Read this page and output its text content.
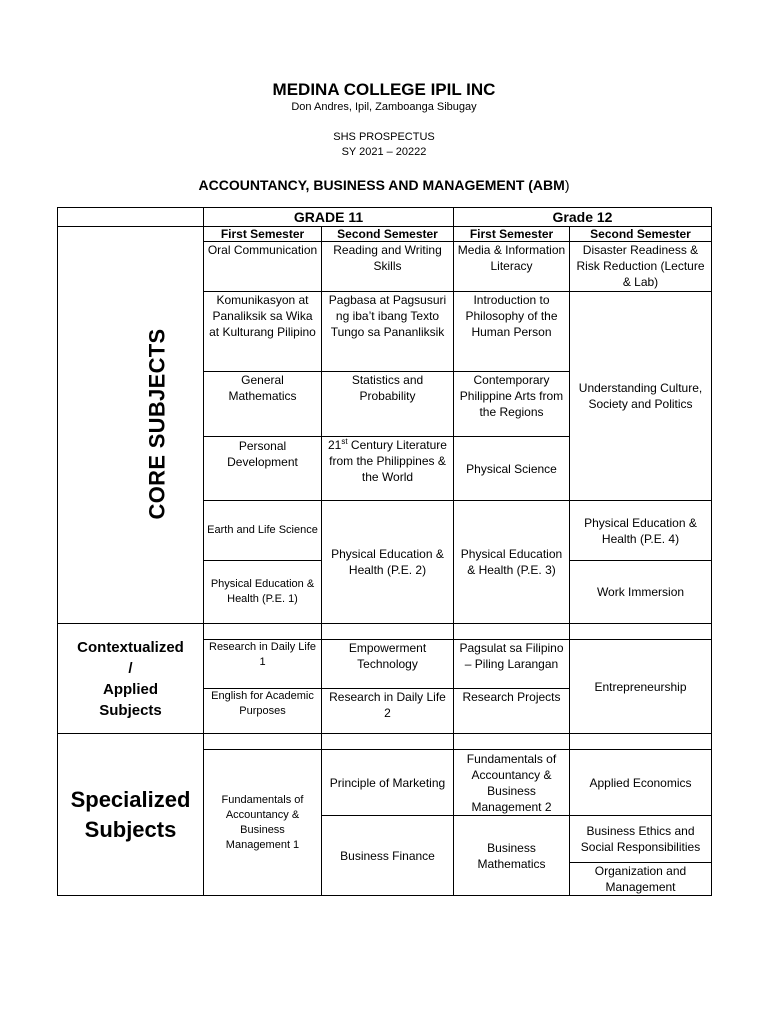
MEDINA COLLEGE IPIL INC
Don Andres, Ipil, Zamboanga Sibugay
SHS PROSPECTUS
SY 2021 – 20222
ACCOUNTANCY, BUSINESS AND MANAGEMENT (ABM)
	GRADE 11		Grade 12	
CORE SUBJECTS	First Semester	Second Semester	First Semester	Second Semester
	Oral Communication	Reading and Writing Skills	Media & Information Literacy	Disaster Readiness & Risk Reduction (Lecture & Lab)
	Komunikasyon at Panaliksik sa Wika at Kulturang Pilipino	Pagbasa at Pagsusuri ng iba’t ibang Texto Tungo sa Pananliksik	Introduction to Philosophy of the Human Person	Understanding Culture, Society and Politics
	General Mathematics	Statistics and Probability	Contemporary Philippine Arts from the Regions	
	Personal Development	21st Century Literature from the Philippines & the World	Physical Science	
	Earth and Life Science	Physical Education & Health (P.E. 2)	Physical Education & Health (P.E. 3)	Physical Education & Health (P.E. 4)
	Physical Education & Health (P.E. 1)			Work Immersion

Contextualized
/
Applied
Subjects				

	Research in Daily Life 1	Empowerment Technology	Pagsulat sa Filipino – Piling Larangan	Entrepreneurship
	English for Academic Purposes	Research in Daily Life 2	Research Projects	

Specialized
Subjects				

	Fundamentals of Accountancy & Business Management 1	Principle of Marketing	Fundamentals of Accountancy & Business Management 2	Applied Economics
		Business Finance	Business Mathematics	Business Ethics and Social Responsibilities
				Organization and Management
